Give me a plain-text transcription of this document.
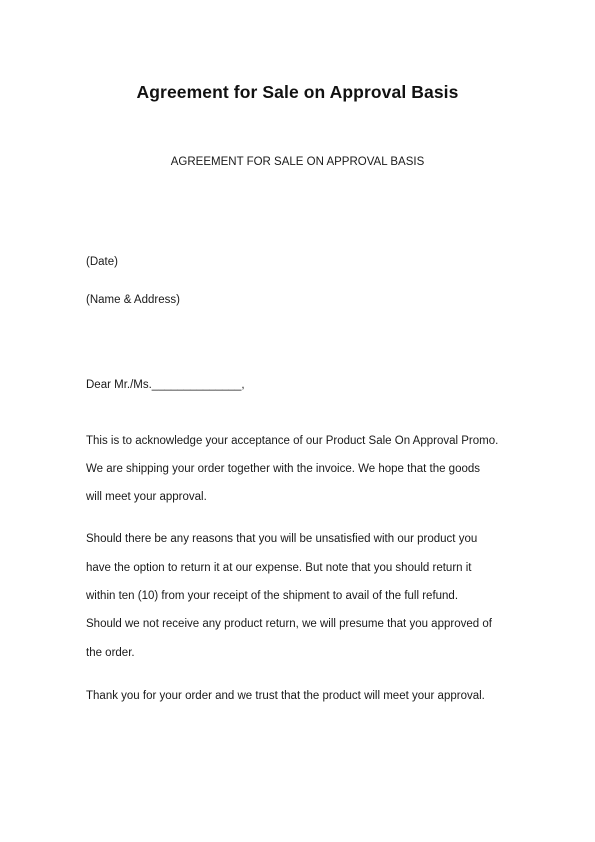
Agreement for Sale on Approval Basis
AGREEMENT FOR SALE ON APPROVAL BASIS
(Date)
(Name & Address)
Dear Mr./Ms.______________,
This is to acknowledge your acceptance of our Product Sale On Approval Promo.
We are shipping your order together with the invoice. We hope that the goods
will meet your approval.
Should there be any reasons that you will be unsatisfied with our product you
have the option to return it at our expense. But note that you should return it
within ten (10) from your receipt of the shipment to avail of the full refund.
Should we not receive any product return, we will presume that you approved of
the order.
Thank you for your order and we trust that the product will meet your approval.
